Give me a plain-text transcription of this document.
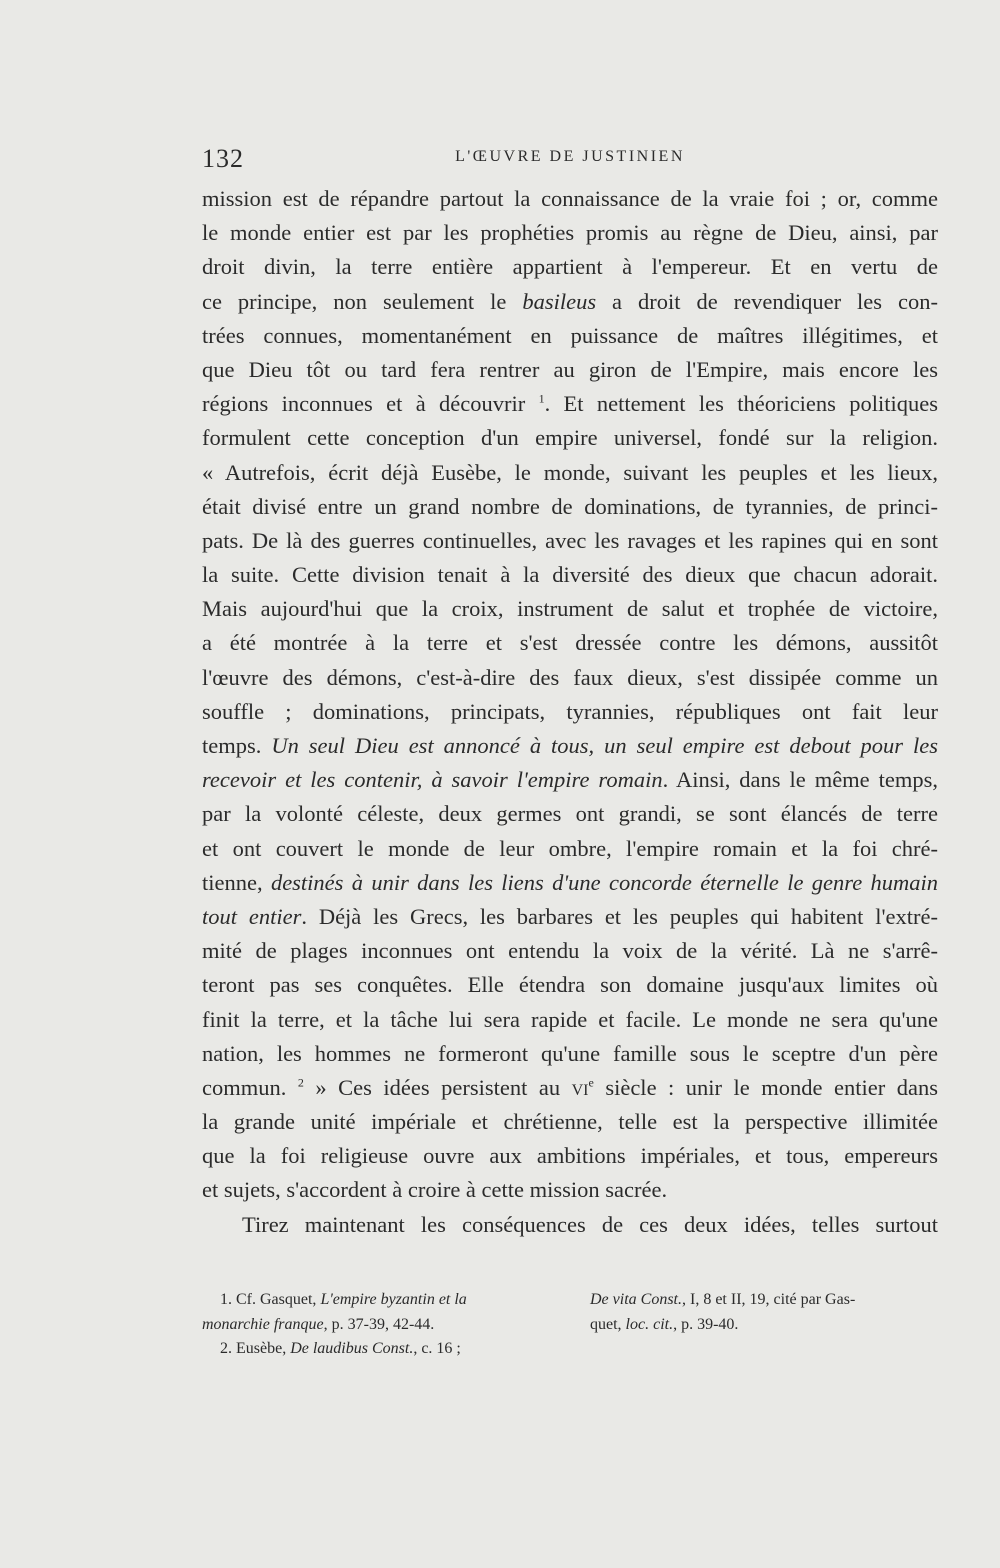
132	L'ŒUVRE DE JUSTINIEN
mission est de répandre partout la connaissance de la vraie foi ; or, comme
le monde entier est par les prophéties promis au règne de Dieu, ainsi, par
droit divin, la terre entière appartient à l'empereur. Et en vertu de
ce principe, non seulement le basileus a droit de revendiquer les con-
trées connues, momentanément en puissance de maîtres illégitimes, et
que Dieu tôt ou tard fera rentrer au giron de l'Empire, mais encore les
régions inconnues et à découvrir $^1$. Et nettement les théoriciens politiques
formulent cette conception d'un empire universel, fondé sur la religion.
« Autrefois, écrit déjà Eusèbe, le monde, suivant les peuples et les lieux,
était divisé entre un grand nombre de dominations, de tyrannies, de princi-
pats. De là des guerres continuelles, avec les ravages et les rapines qui en sont
la suite. Cette division tenait à la diversité des dieux que chacun adorait.
Mais aujourd'hui que la croix, instrument de salut et trophée de victoire,
a été montrée à la terre et s'est dressée contre les démons, aussitôt
l'œuvre des démons, c'est-à-dire des faux dieux, s'est dissipée comme un
souffle ; dominations, principats, tyrannies, républiques ont fait leur
temps. Un seul Dieu est annoncé à tous, un seul empire est debout pour les
recevoir et les contenir, à savoir l'empire romain. Ainsi, dans le même temps,
par la volonté céleste, deux germes ont grandi, se sont élancés de terre
et ont couvert le monde de leur ombre, l'empire romain et la foi chré-
tienne, destinés à unir dans les liens d'une concorde éternelle le genre humain
tout entier. Déjà les Grecs, les barbares et les peuples qui habitent l'extré-
mité de plages inconnues ont entendu la voix de la vérité. Là ne s'arrê-
teront pas ses conquêtes. Elle étendra son domaine jusqu'aux limites où
finit la terre, et la tâche lui sera rapide et facile. Le monde ne sera qu'une
nation, les hommes ne formeront qu'une famille sous le sceptre d'un père
commun. $^2$ » Ces idées persistent au $vi^e$ siècle : unir le monde entier dans
la grande unité impériale et chrétienne, telle est la perspective illimitée
que la foi religieuse ouvre aux ambitions impériales, et tous, empereurs
et sujets, s'accordent à croire à cette mission sacrée.
Tirez maintenant les conséquences de ces deux idées, telles surtout
1. Cf. Gasquet, L'empire byzantin et la
monarchie franque, p. 37-39, 42-44.
2. Eusèbe, De laudibus Const., c. 16 ;
De vita Const., I, 8 et II, 19, cité par Gas-
quet, loc. cit., p. 39-40.
